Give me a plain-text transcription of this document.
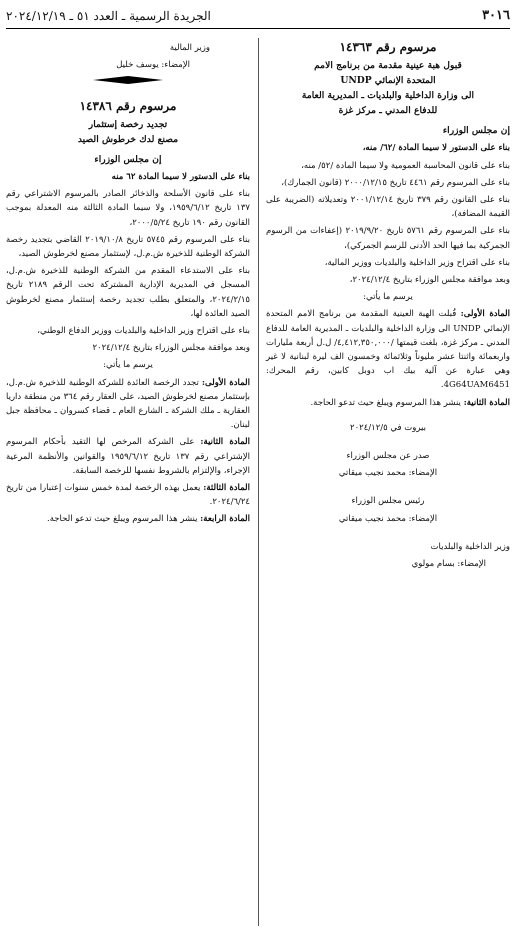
٣٠١٦
الجريدة الرسمية ـ العدد ٥١ ـ ٢٠٢٤/١٢/١٩
مرسوم رقم ١٤٣٦٣
قبول هبة عينية مقدمة من برنامج الامم
المتحدة الإنمائي UNDP
الى وزارة الداخلية والبلديات ـ المديرية العامة
للدفاع المدني ـ مركز غزة
إن مجلس الوزراء

بناء على الدستور لا سيما المادة /٦٢/ منه،

بناء على قانون المحاسبة العمومية ولا سيما المادة /٥٢/ منه،

بناء على المرسوم رقم ٤٤٦١ تاريخ ٢٠٠٠/١٢/١٥ (قانون الجمارك)،

بناء على القانون رقم ٣٧٩ تاريخ ٢٠٠١/١٢/١٤ وتعديلاته (الضريبة على القيمة المضافة)،

بناء على المرسوم رقم ٥٧٦١ تاريخ ٢٠١٩/٩/٢٠ (إعفاءات من الرسوم الجمركية بما فيها الحد الأدنى للرسم الجمركي)،

بناء على اقتراح وزير الداخلية والبلديات ووزير المالية،

وبعد موافقة مجلس الوزراء بتاريخ ٢٠٢٤/١٢/٤،

يرسم ما يأتي:

المادة الأولى: قُبلت الهبة العينية المقدمة من برنامج الامم المتحدة الإنمائي UNDP الى وزارة الداخلية والبلديات ـ المديرية العامة للدفاع المدني ـ مركز غزة، بلغت قيمتها /٤,٤١٢,٣٥٠,٠٠٠/ ل.ل أربعة مليارات واربعمائة واثنتا عشر مليوناً وثلاثمائة وخمسون الف ليرة لبنانية لا غير وهي عبارة عن آلية بيك اب دوبل كابين، رقم المحرك: 4G64UAM6451.

المادة الثانية: ينشر هذا المرسوم ويبلغ حيث تدعو الحاجة.

بيروت في ٢٠٢٤/١٢/٥

صدر عن مجلس الوزراء
الإمضاء: محمد نجيب ميقاتي
رئيس مجلس الوزراء
الإمضاء: محمد نجيب ميقاتي
وزير الداخلية والبلديات
الإمضاء: بسام مولوي
وزير المالية
الإمضاء: يوسف خليل
مرسوم رقم ١٤٣٨٦
تجديد رخصة إستثمار
مصنع لدك خرطوش الصيد
إن مجلس الوزراء

بناء على الدستور لا سيما المادة ٦٢ منه

بناء على قانون الأسلحة والذخائر الصادر بالمرسوم الاشتراعي رقم ١٣٧ تاريخ ١٩٥٩/٦/١٢، ولا سيما المادة الثالثة منه المعدلة بموجب القانون رقم ١٩٠ تاريخ ٢٠٠٠/٥/٢٤،

بناء على المرسوم رقم ٥٧٤٥ تاريخ ٢٠١٩/١٠/٨ القاضي بتجديد رخصة الشركة الوطنية للذخيرة ش.م.ل، لإستثمار مصنع لخرطوش الصيد،

بناء على الاستدعاء المقدم من الشركة الوطنية للذخيرة ش.م.ل، المسجل في المديرية الإدارية المشتركة تحت الرقم ٢١٨٩ تاريخ ٢٠٢٤/٢/١٥، والمتعلق بطلب تجديد رخصة إستثمار مصنع لخرطوش الصيد العائدة لها،

بناء على اقتراح وزير الداخلية والبلديات ووزير الدفاع الوطني،

وبعد موافقة مجلس الوزراء بتاريخ ٢٠٢٤/١٢/٤

يرسم ما يأتي:

المادة الأولى: تجدد الرخصة العائدة للشركة الوطنية للذخيرة ش.م.ل، بإستثمار مصنع لخرطوش الصيد، على العقار رقم ٣٦٤ من منطقة داريا العقارية ـ ملك الشركة ـ الشارع العام ـ قضاء كسروان ـ محافظة جبل لبنان.

المادة الثانية: على الشركة المرخص لها التقيد بأحكام المرسوم الإشتراعي رقم ١٣٧ تاريخ ١٩٥٩/٦/١٢ والقوانين والأنظمة المرعية الإجراء، والإلتزام بالشروط نفسها للرخصة السابقة.

المادة الثالثة: يعمل بهذه الرخصة لمدة خمس سنوات إعتبارا من تاريخ ٢٠٢٤/٦/٢٤.

المادة الرابعة: ينشر هذا المرسوم ويبلغ حيث تدعو الحاجة.
